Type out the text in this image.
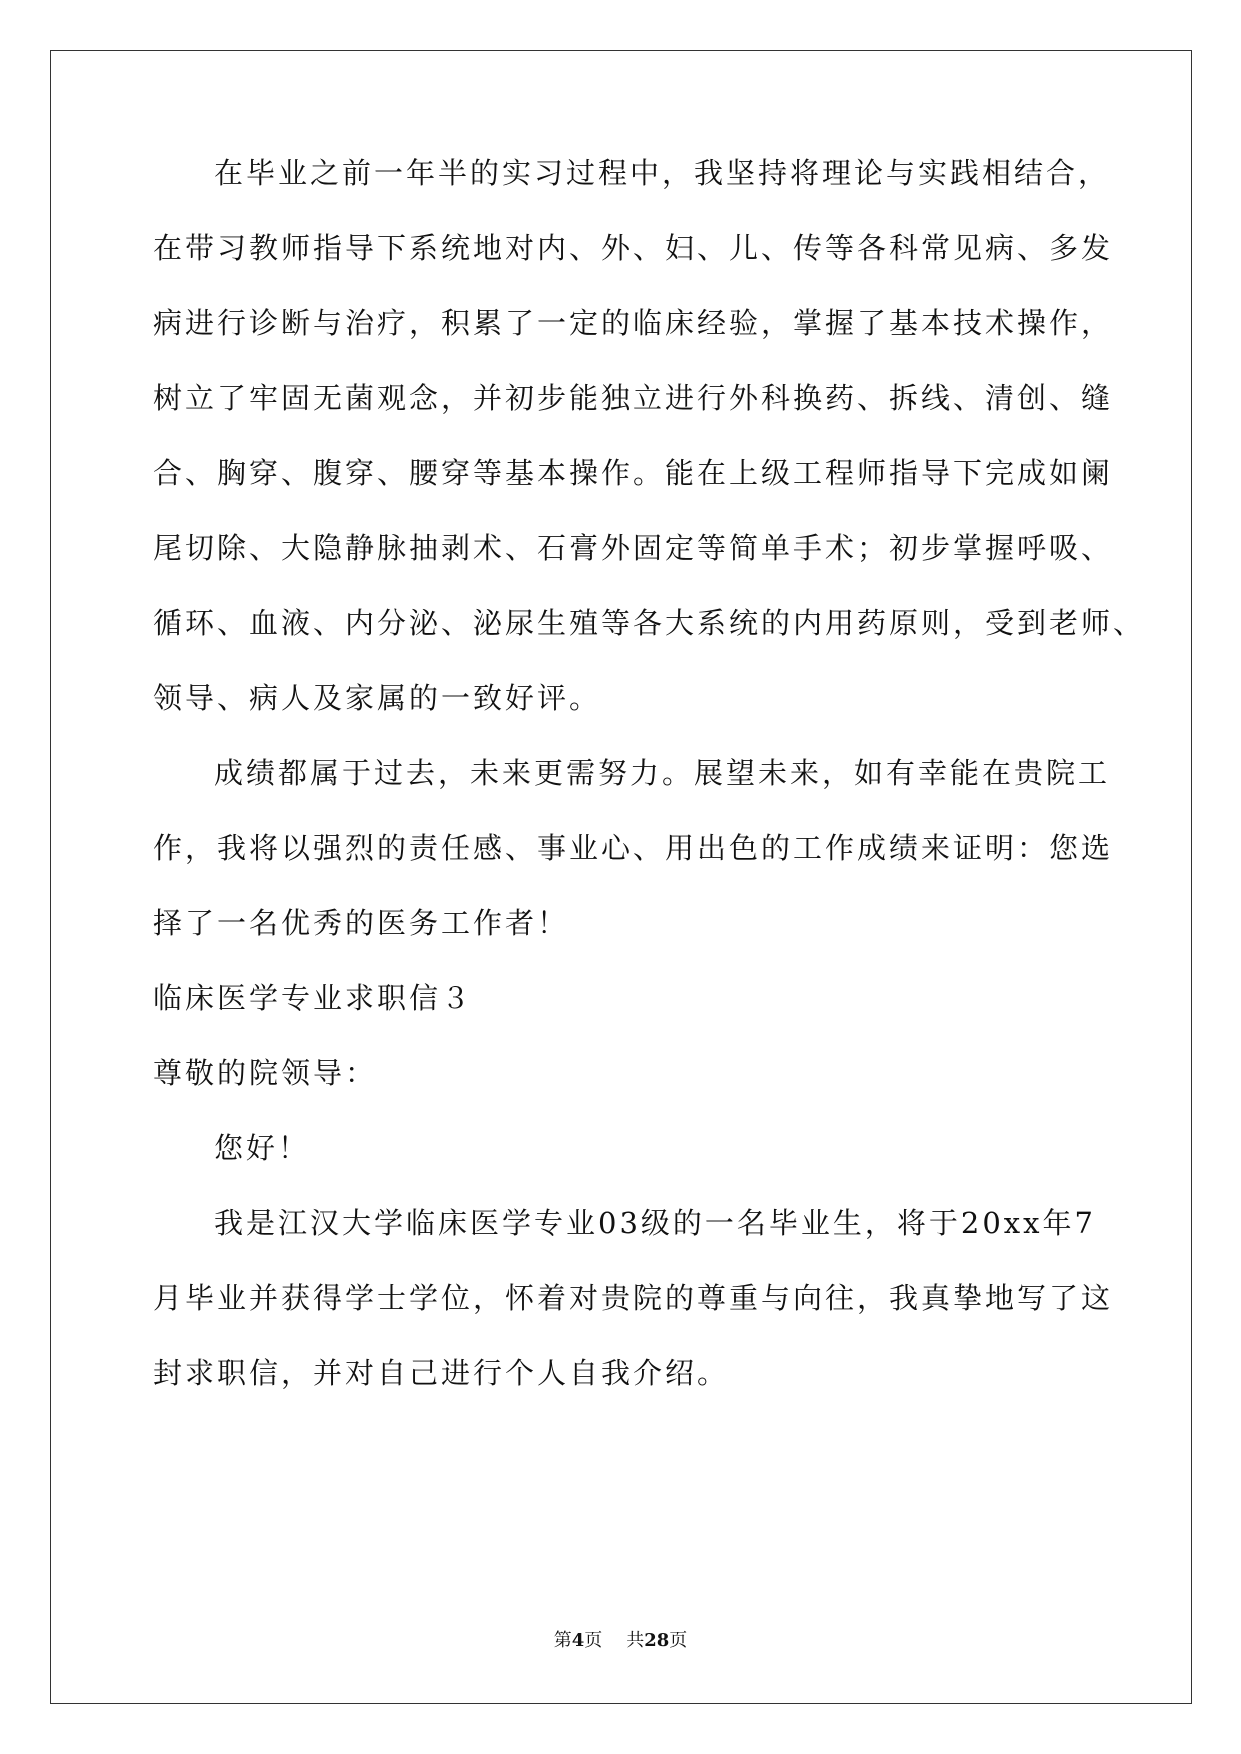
在毕业之前一年半的实习过程中，我坚持将理论与实践相结合，
在带习教师指导下系统地对内、外、妇、儿、传等各科常见病、多发
病进行诊断与治疗，积累了一定的临床经验，掌握了基本技术操作，
树立了牢固无菌观念，并初步能独立进行外科换药、拆线、清创、缝
合、胸穿、腹穿、腰穿等基本操作。能在上级工程师指导下完成如阑
尾切除、大隐静脉抽剥术、石膏外固定等简单手术；初步掌握呼吸、
循环、血液、内分泌、泌尿生殖等各大系统的内用药原则，受到老师、
领导、病人及家属的一致好评。
成绩都属于过去，未来更需努力。展望未来，如有幸能在贵院工
作，我将以强烈的责任感、事业心、用出色的工作成绩来证明：您选
择了一名优秀的医务工作者！
临床医学专业求职信３
尊敬的院领导：
您好！
我是江汉大学临床医学专业03级的一名毕业生，将于20xx年7
月毕业并获得学士学位，怀着对贵院的尊重与向往，我真挚地写了这
封求职信，并对自己进行个人自我介绍。
第4页 共28页
